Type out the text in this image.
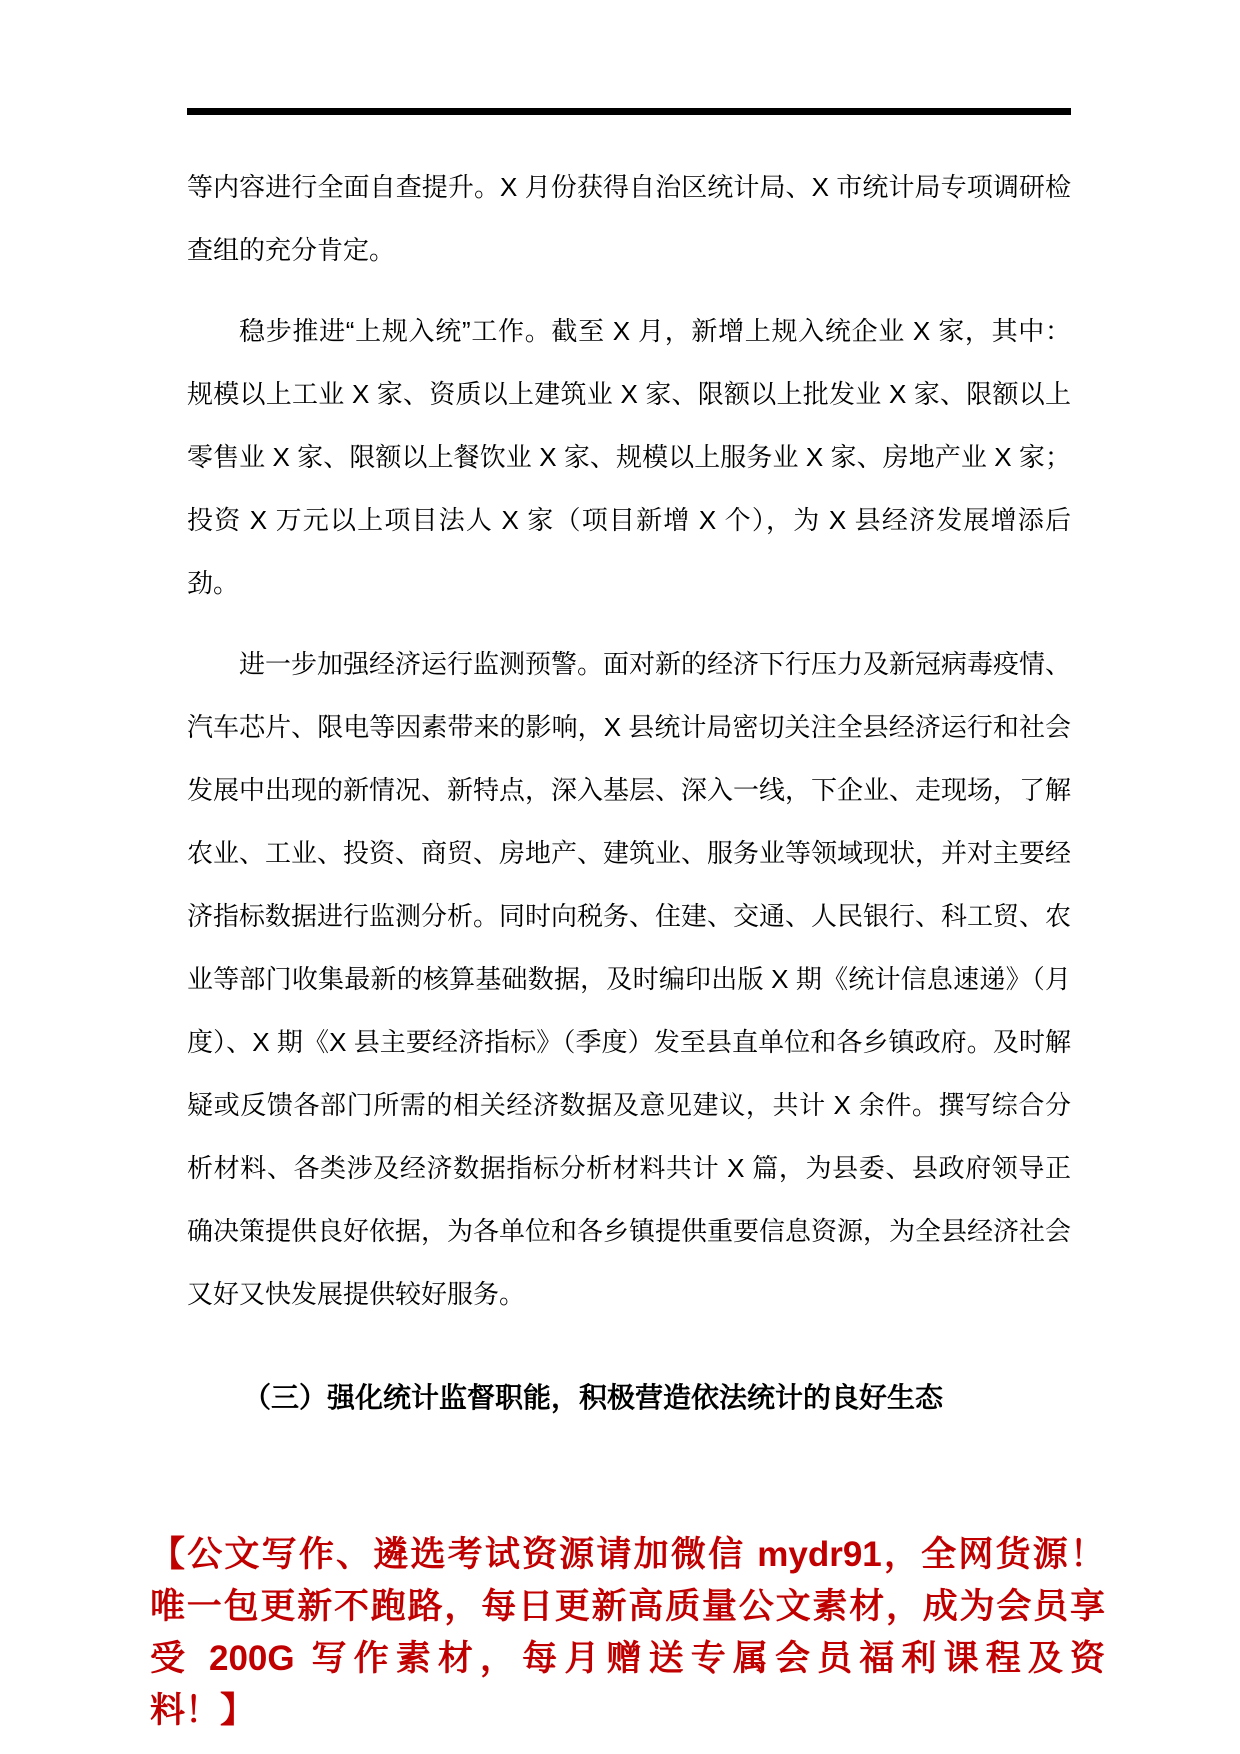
等内容进行全面自查提升。X 月份获得自治区统计局、X 市统计局专项调研检查组的充分肯定。

稳步推进“上规入统”工作。截至 X 月，新增上规入统企业 X 家，其中：规模以上工业 X 家、资质以上建筑业 X 家、限额以上批发业 X 家、限额以上零售业 X 家、限额以上餐饮业 X 家、规模以上服务业 X 家、房地产业 X 家；投资 X 万元以上项目法人 X 家（项目新增 X 个），为 X 县经济发展增添后劲。

进一步加强经济运行监测预警。面对新的经济下行压力及新冠病毒疫情、汽车芯片、限电等因素带来的影响，X 县统计局密切关注全县经济运行和社会发展中出现的新情况、新特点，深入基层、深入一线，下企业、走现场，了解农业、工业、投资、商贸、房地产、建筑业、服务业等领域现状，并对主要经济指标数据进行监测分析。同时向税务、住建、交通、人民银行、科工贸、农业等部门收集最新的核算基础数据，及时编印出版 X 期《统计信息速递》（月度）、X 期《X 县主要经济指标》（季度）发至县直单位和各乡镇政府。及时解疑或反馈各部门所需的相关经济数据及意见建议，共计 X 余件。撰写综合分析材料、各类涉及经济数据指标分析材料共计 X 篇，为县委、县政府领导正确决策提供良好依据，为各单位和各乡镇提供重要信息资源，为全县经济社会又好又快发展提供较好服务。

（三）强化统计监督职能，积极营造依法统计的良好生态
【公文写作、遴选考试资源请加微信 mydr91，全网货源！
唯一包更新不跑路，每日更新高质量公文素材，成为会员享
受 200G 写作素材，每月赠送专属会员福利课程及资
料！】
